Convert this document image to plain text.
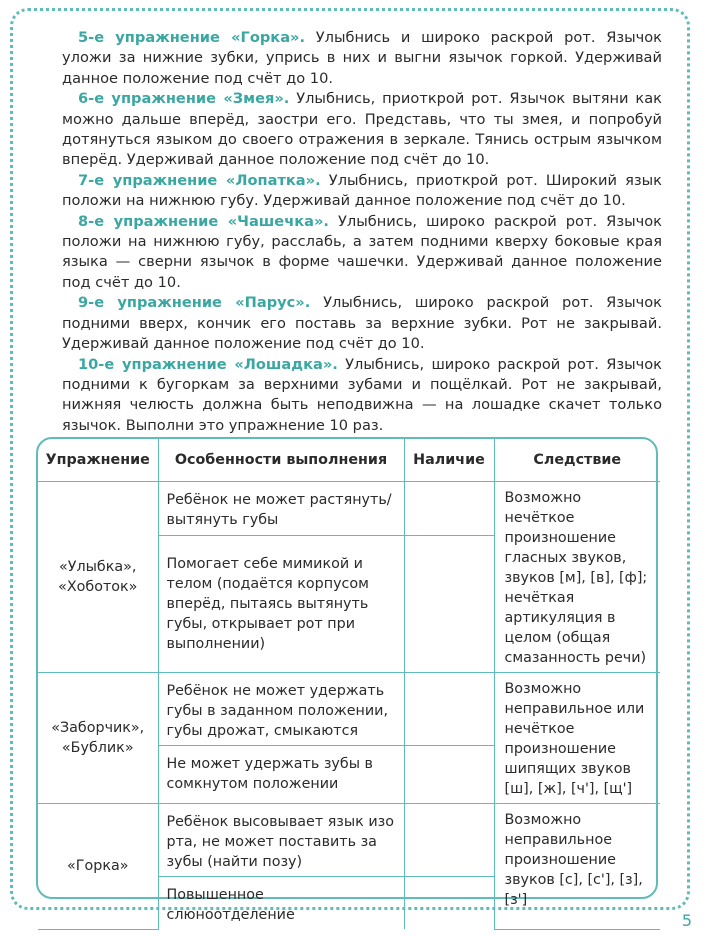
5-е упражнение «Горка». Улыбнись и широко раскрой рот. Язычок уложи за нижние зубки, упрись в них и выгни язычок горкой. Удерживай данное положение под счёт до 10.

6-е упражнение «Змея». Улыбнись, приоткрой рот. Язычок вытяни как можно дальше вперёд, заостри его. Представь, что ты змея, и попробуй дотянуться языком до своего отражения в зеркале. Тянись острым язычком вперёд. Удерживай данное положение под счёт до 10.

7-е упражнение «Лопатка». Улыбнись, приоткрой рот. Широкий язык положи на нижнюю губу. Удерживай данное положение под счёт до 10.

8-е упражнение «Чашечка». Улыбнись, широко раскрой рот. Язычок положи на нижнюю губу, расслабь, а затем подними кверху боковые края языка — сверни язычок в форме чашечки. Удерживай данное положение под счёт до 10.

9-е упражнение «Парус». Улыбнись, широко раскрой рот. Язычок подними вверх, кончик его поставь за верхние зубки. Рот не закрывай. Удерживай данное положение под счёт до 10.

10-е упражнение «Лошадка». Улыбнись, широко раскрой рот. Язычок подними к бугоркам за верхними зубами и пощёлкай. Рот не закрывай, нижняя челюсть должна быть неподвижна — на лошадке скачет только язычок. Выполни это упражнение 10 раз.

Упражнение	Особенности выполнения	Наличие	Следствие
«Улыбка»,
«Хоботок»	Ребёнок не может растянуть/вытянуть губы		Возможно нечёткое произношение гласных звуков, звуков [м], [в], [ф]; нечёткая артикуляция в целом (общая смазанность речи)
	Помогает себе мимикой и телом (подаётся корпусом вперёд, пытаясь вытянуть губы, открывает рот при выполнении)		
«Заборчик»,
«Бублик»	Ребёнок не может удержать губы в заданном положении, губы дрожат, смыкаются		Возможно неправильное или нечёткое произношение шипящих звуков [ш], [ж], [ч'], [щ']
	Не может удержать зубы в сомкнутом положении		
«Горка»	Ребёнок высовывает язык изо рта, не может поставить за зубы (найти позу)		Возможно неправильное произношение звуков [с], [с'], [з], [з']
	Повышенное слюноотделение			5
